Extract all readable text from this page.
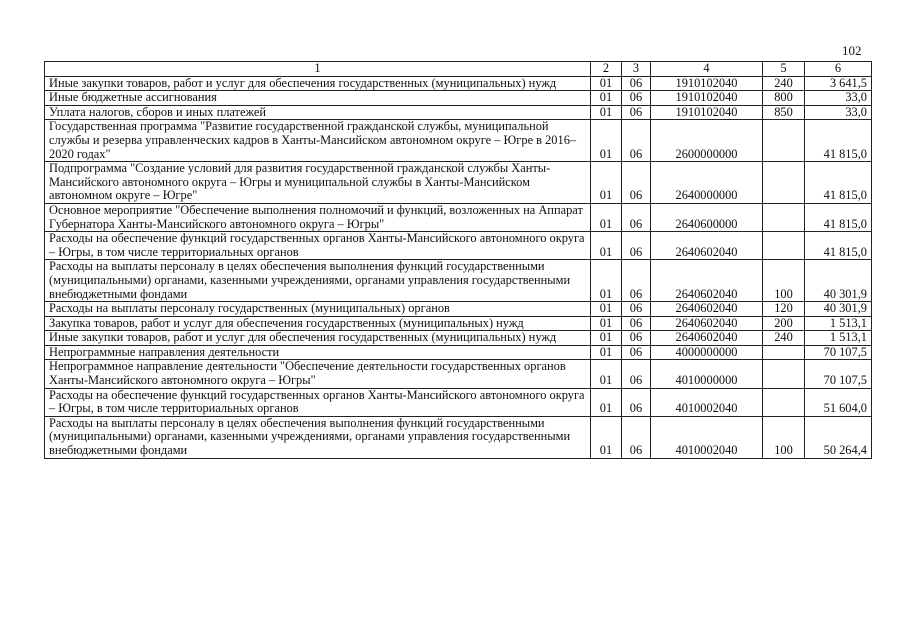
102
1	2	3	4	5	6
Иные закупки товаров, работ и услуг для обеспечения государственных (муниципальных) нужд	01	06	1910102040	240	3 641,5
Иные бюджетные ассигнования	01	06	1910102040	800	33,0
Уплата налогов, сборов и иных платежей	01	06	1910102040	850	33,0
Государственная программа "Развитие государственной гражданской службы, муниципальной службы и резерва управленческих кадров в Ханты-Мансийском автономном округе – Югре в 2016–2020 годах"	01	06	2600000000		41 815,0
Подпрограмма "Создание условий для развития государственной гражданской службы Ханты-Мансийского автономного округа – Югры и муниципальной службы в Ханты-Мансийском автономном округе – Югре"	01	06	2640000000		41 815,0
Основное мероприятие "Обеспечение выполнения полномочий и функций, возложенных на Аппарат Губернатора Ханты-Мансийского автономного округа – Югры"	01	06	2640600000		41 815,0
Расходы на обеспечение функций государственных органов Ханты-Мансийского автономного округа – Югры, в том числе территориальных органов	01	06	2640602040		41 815,0
Расходы на выплаты персоналу в целях обеспечения выполнения функций государственными (муниципальными) органами, казенными учреждениями, органами управления государственными внебюджетными фондами	01	06	2640602040	100	40 301,9
Расходы на выплаты персоналу государственных (муниципальных) органов	01	06	2640602040	120	40 301,9
Закупка товаров, работ и услуг для обеспечения государственных (муниципальных) нужд	01	06	2640602040	200	1 513,1
Иные закупки товаров, работ и услуг для обеспечения государственных (муниципальных) нужд	01	06	2640602040	240	1 513,1
Непрограммные направления деятельности	01	06	4000000000		70 107,5
Непрограммное направление деятельности "Обеспечение деятельности государственных органов Ханты-Мансийского автономного округа – Югры"	01	06	4010000000		70 107,5
Расходы на обеспечение функций государственных органов Ханты-Мансийского автономного округа – Югры, в том числе территориальных органов	01	06	4010002040		51 604,0
Расходы на выплаты персоналу в целях обеспечения выполнения функций государственными (муниципальными) органами, казенными учреждениями, органами управления государственными внебюджетными фондами	01	06	4010002040	100	50 264,4
